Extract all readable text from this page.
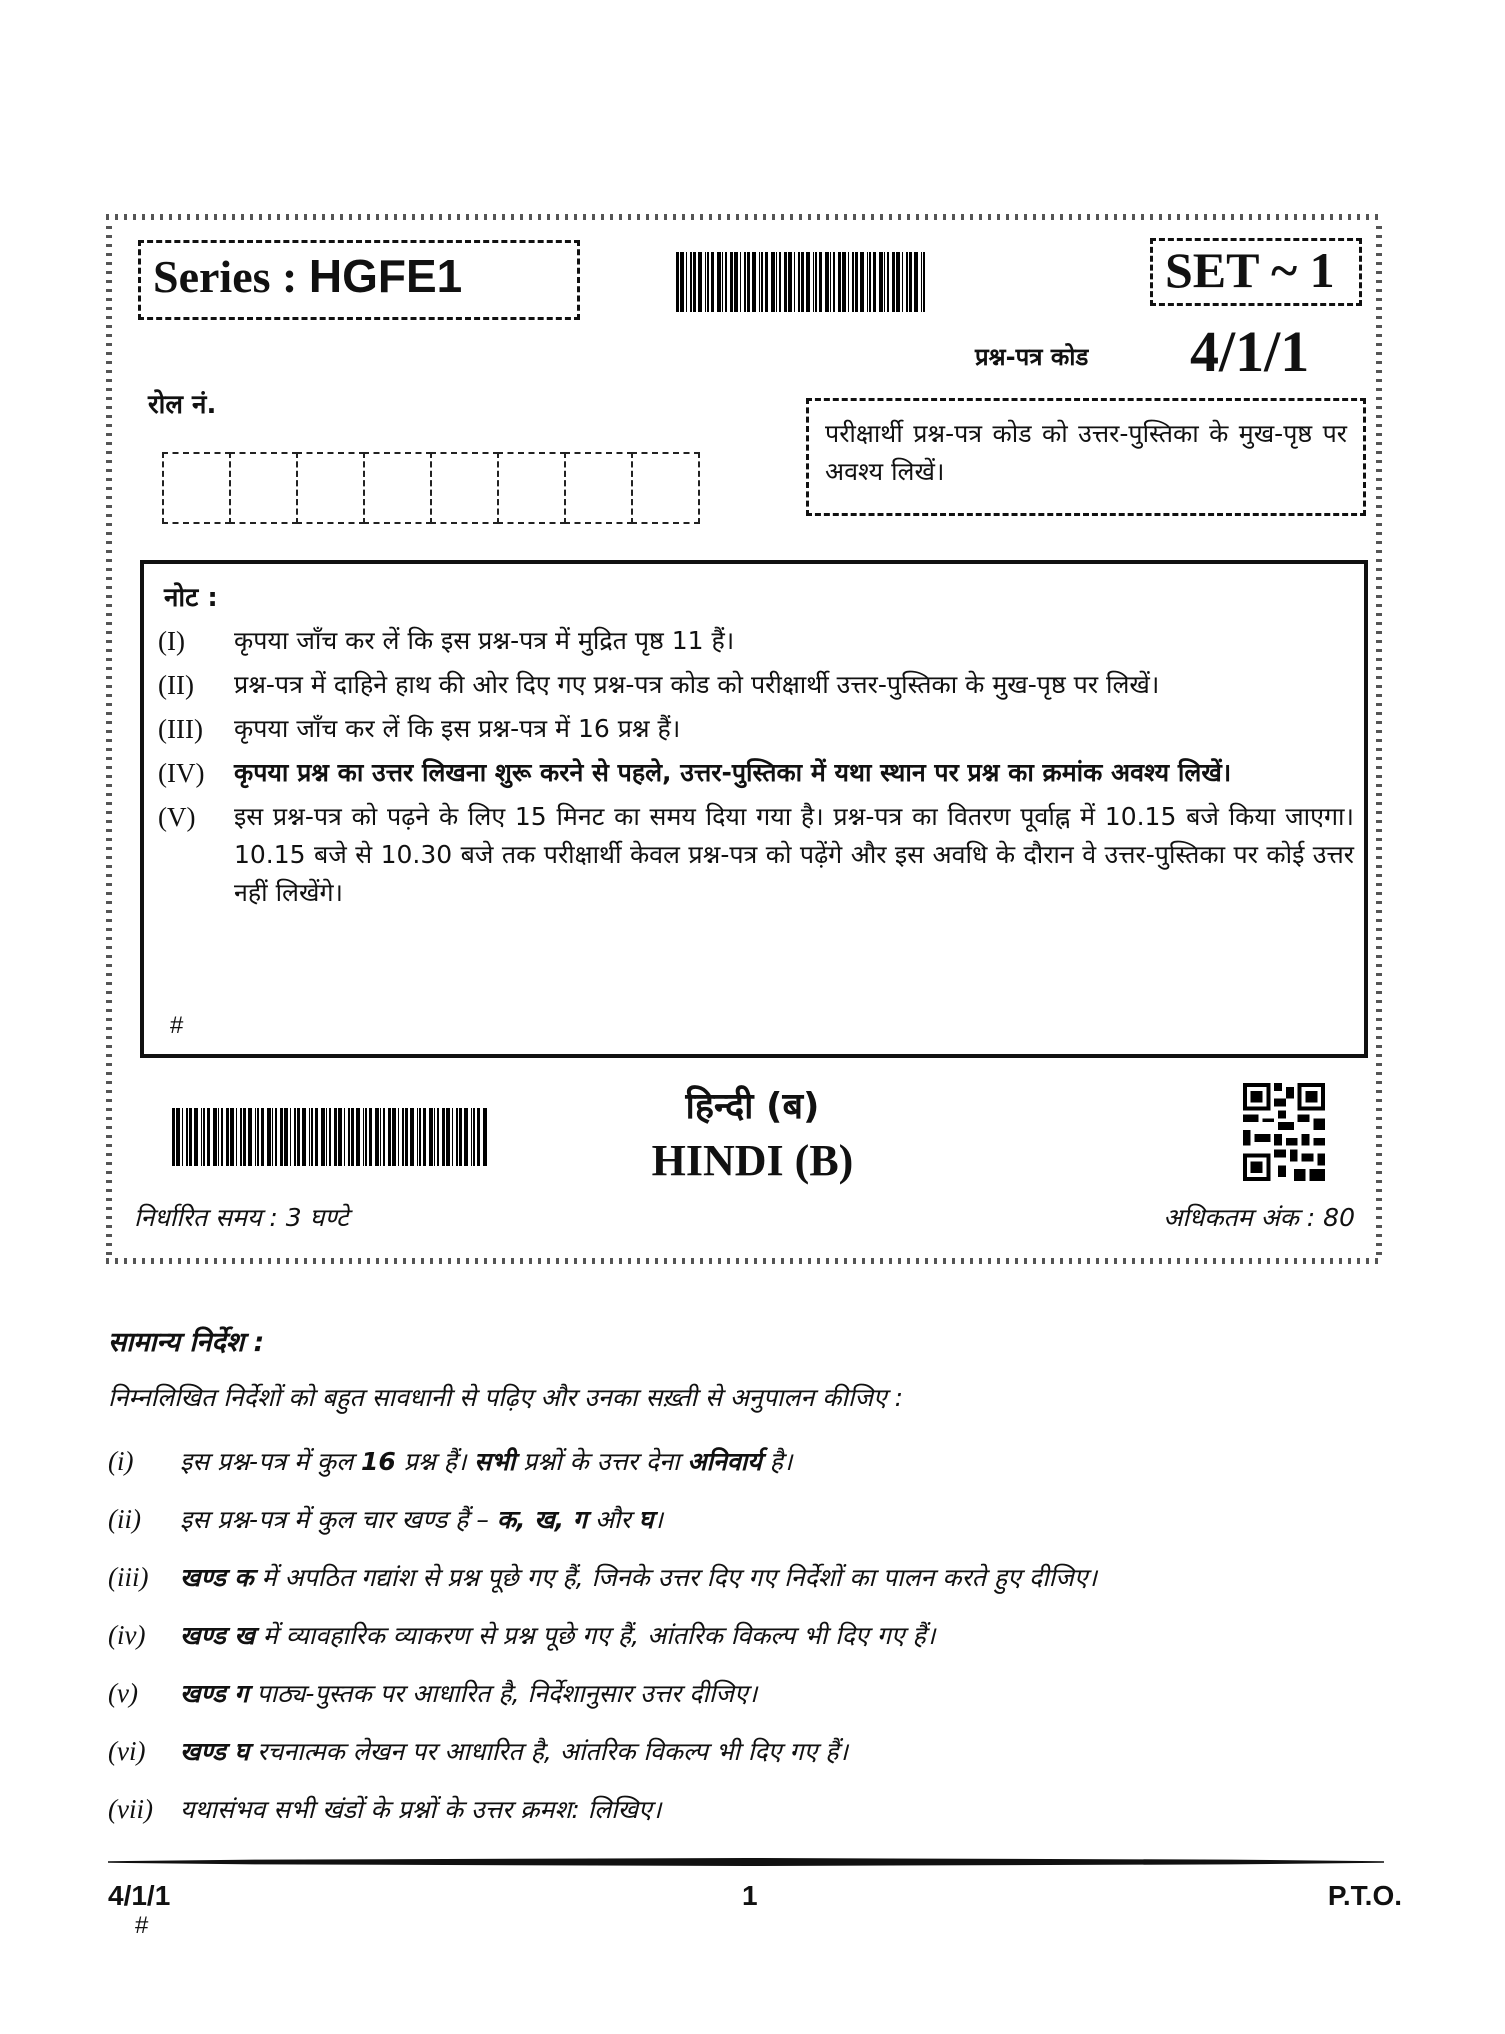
Series : HGFE1	SET ~ 1
प्रश्न-पत्र कोड 4/1/1
रोल नं.

परीक्षार्थी प्रश्न-पत्र कोड को उत्तर-पुस्तिका के मुख-पृष्ठ पर अवश्य लिखें।

नोट :
(I)	कृपया जाँच कर लें कि इस प्रश्न-पत्र में मुद्रित पृष्ठ 11 हैं।
(II)	प्रश्न-पत्र में दाहिने हाथ की ओर दिए गए प्रश्न-पत्र कोड को परीक्षार्थी उत्तर-पुस्तिका के मुख-पृष्ठ पर लिखें।
(III)	कृपया जाँच कर लें कि इस प्रश्न-पत्र में 16 प्रश्न हैं।
(IV)	कृपया प्रश्न का उत्तर लिखना शुरू करने से पहले, उत्तर-पुस्तिका में यथा स्थान पर प्रश्न का क्रमांक अवश्य लिखें।
(V)	इस प्रश्न-पत्र को पढ़ने के लिए 15 मिनट का समय दिया गया है। प्रश्न-पत्र का वितरण पूर्वाह्न में 10.15 बजे किया जाएगा। 10.15 बजे से 10.30 बजे तक परीक्षार्थी केवल प्रश्न-पत्र को पढ़ेंगे और इस अवधि के दौरान वे उत्तर-पुस्तिका पर कोई उत्तर नहीं लिखेंगे।
#
हिन्दी (ब)
HINDI (B)
निर्धारित समय : 3 घण्टे	अधिकतम अंक : 80
सामान्य निर्देश :
निम्नलिखित निर्देशों को बहुत सावधानी से पढ़िए और उनका सख़्ती से अनुपालन कीजिए :
(i)	इस प्रश्न-पत्र में कुल 16 प्रश्न हैं। सभी प्रश्नों के उत्तर देना अनिवार्य है।
(ii)	इस प्रश्न-पत्र में कुल चार खण्ड हैं – क, ख, ग और घ।
(iii)	खण्ड क में अपठित गद्यांश से प्रश्न पूछे गए हैं, जिनके उत्तर दिए गए निर्देशों का पालन करते हुए दीजिए।
(iv)	खण्ड ख में व्यावहारिक व्याकरण से प्रश्न पूछे गए हैं, आंतरिक विकल्प भी दिए गए हैं।
(v)	खण्ड ग पाठ्य-पुस्तक पर आधारित है, निर्देशानुसार उत्तर दीजिए।
(vi)	खण्ड घ रचनात्मक लेखन पर आधारित है, आंतरिक विकल्प भी दिए गए हैं।
(vii)	यथासंभव सभी खंडों के प्रश्नों के उत्तर क्रमश: लिखिए।
4/1/1
#
1	P.T.O.
